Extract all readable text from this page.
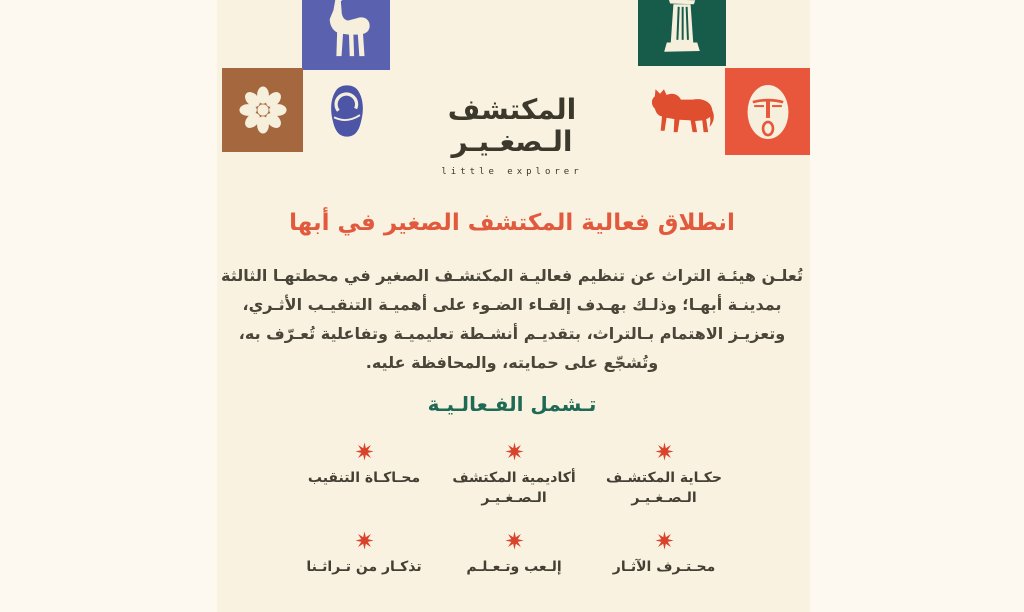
المكتشف
الـصغـيـر
little explorer
انطلاق فعالية المكتشف الصغير في أبها
تُعلـن هيئـة التراث عن تنظيم فعاليـة المكتشـف الصغير في محطتهـا الثالثة
بمدينـة أبهـا؛ وذلـك بهـدف إلقـاء الضـوء على أهميـة التنقيـب الأثـري،
وتعزيـز الاهتمام بـالتراث، بتقديـم أنشـطة تعليميـة وتفاعلية تُعـرّف به،
وتُشجّع على حمايته، والمحافظة عليه.
تـشمل الفـعالـيـة
حكـاية المكتشـف
الـصـغـيـر
أكاديمية المكتشف
الـصـغـيـر
محـاكـاة التنقيب
محـتـرف الآثـار
إلـعب وتـعـلـم
تذكـار من تـراثـنا
